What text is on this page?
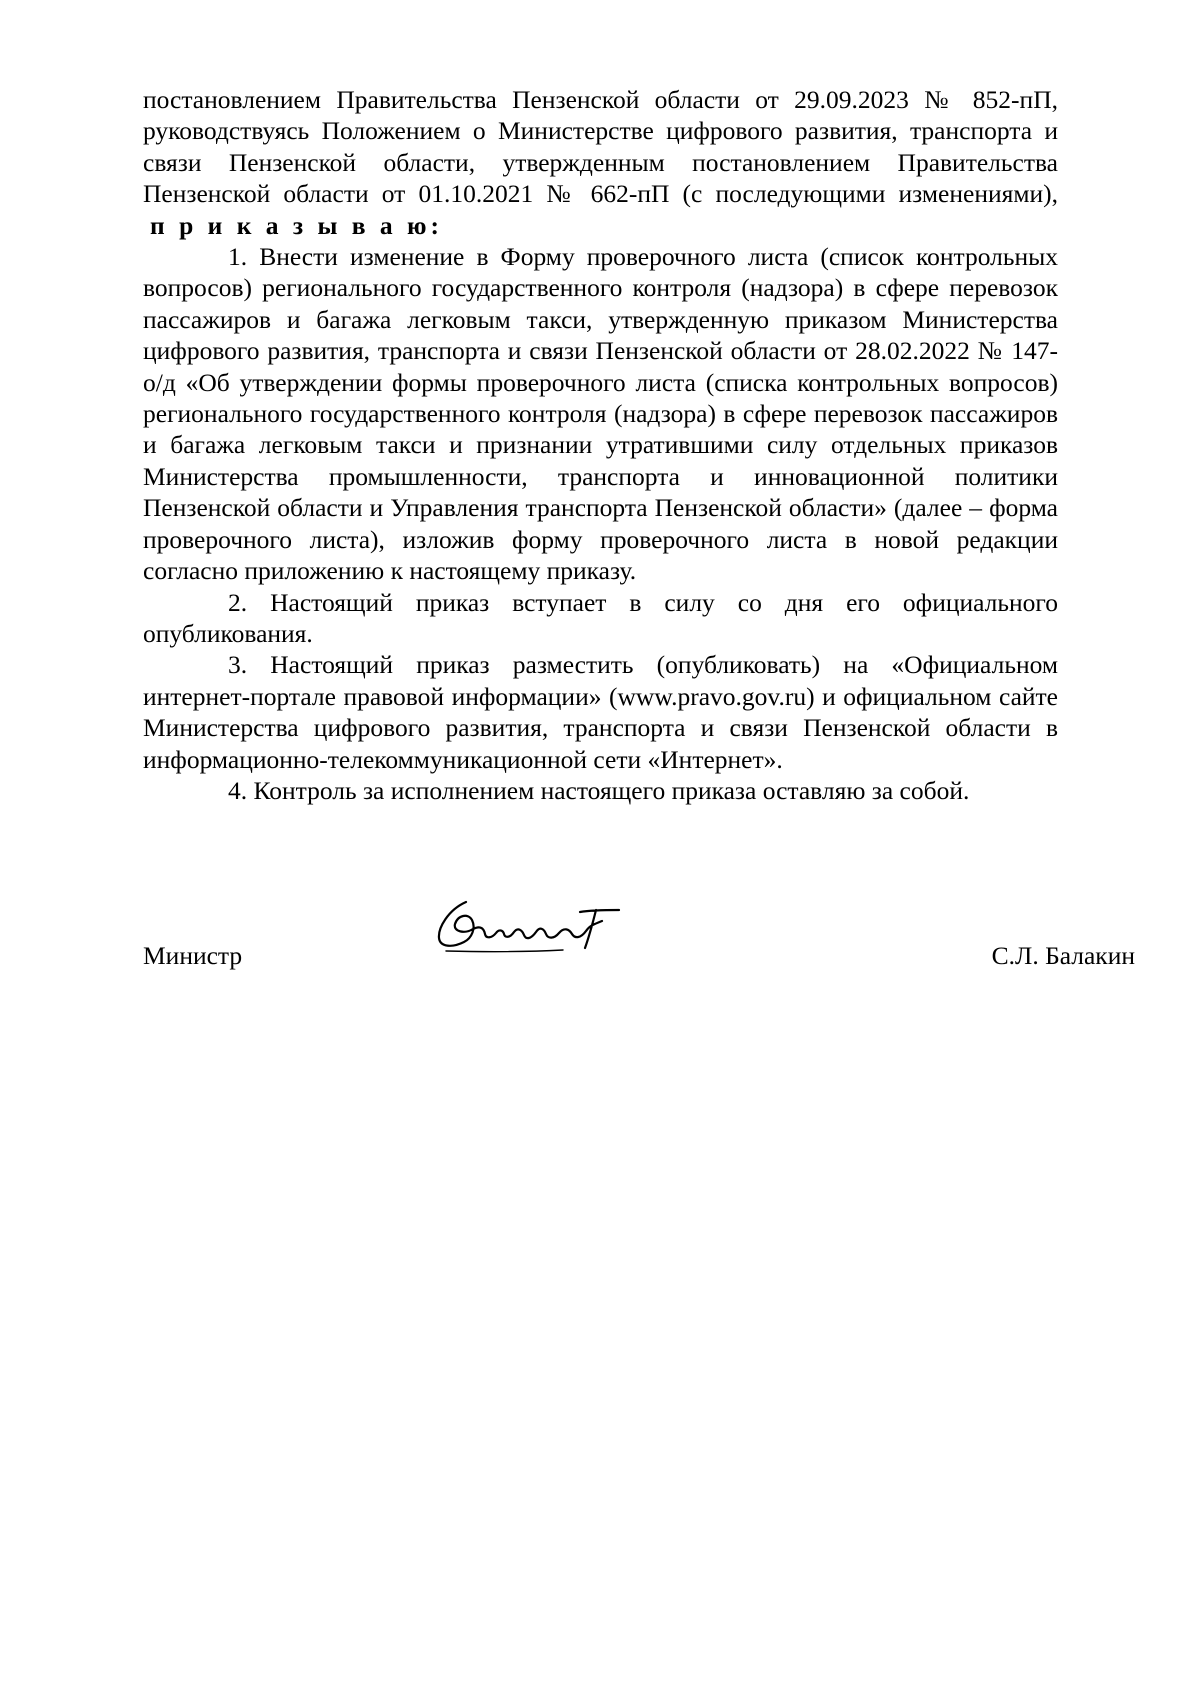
постановлением Правительства Пензенской области от 29.09.2023 № 852-пП, руководствуясь Положением о Министерстве цифрового развития, транспорта и связи Пензенской области, утвержденным постановлением Правительства Пензенской области от 01.10.2021 № 662-пП (с последующими изменениями),

п р и к а з ы в а ю:

1. Внести изменение в Форму проверочного листа (список контрольных вопросов) регионального государственного контроля (надзора) в сфере перевозок пассажиров и багажа легковым такси, утвержденную приказом Министерства цифрового развития, транспорта и связи Пензенской области от 28.02.2022 № 147-о/д «Об утверждении формы проверочного листа (списка контрольных вопросов) регионального государственного контроля (надзора) в сфере перевозок пассажиров и багажа легковым такси и признании утратившими силу отдельных приказов Министерства промышленности, транспорта и инновационной политики Пензенской области и Управления транспорта Пензенской области» (далее – форма проверочного листа), изложив форму проверочного листа в новой редакции согласно приложению к настоящему приказу.

2. Настоящий приказ вступает в силу со дня его официального опубликования.

3. Настоящий приказ разместить (опубликовать) на «Официальном интернет-портале правовой информации» (www.pravo.gov.ru) и официальном сайте Министерства цифрового развития, транспорта и связи Пензенской области в информационно-телекоммуникационной сети «Интернет».

4. Контроль за исполнением настоящего приказа оставляю за собой.

Министр	С.Л. Балакин
